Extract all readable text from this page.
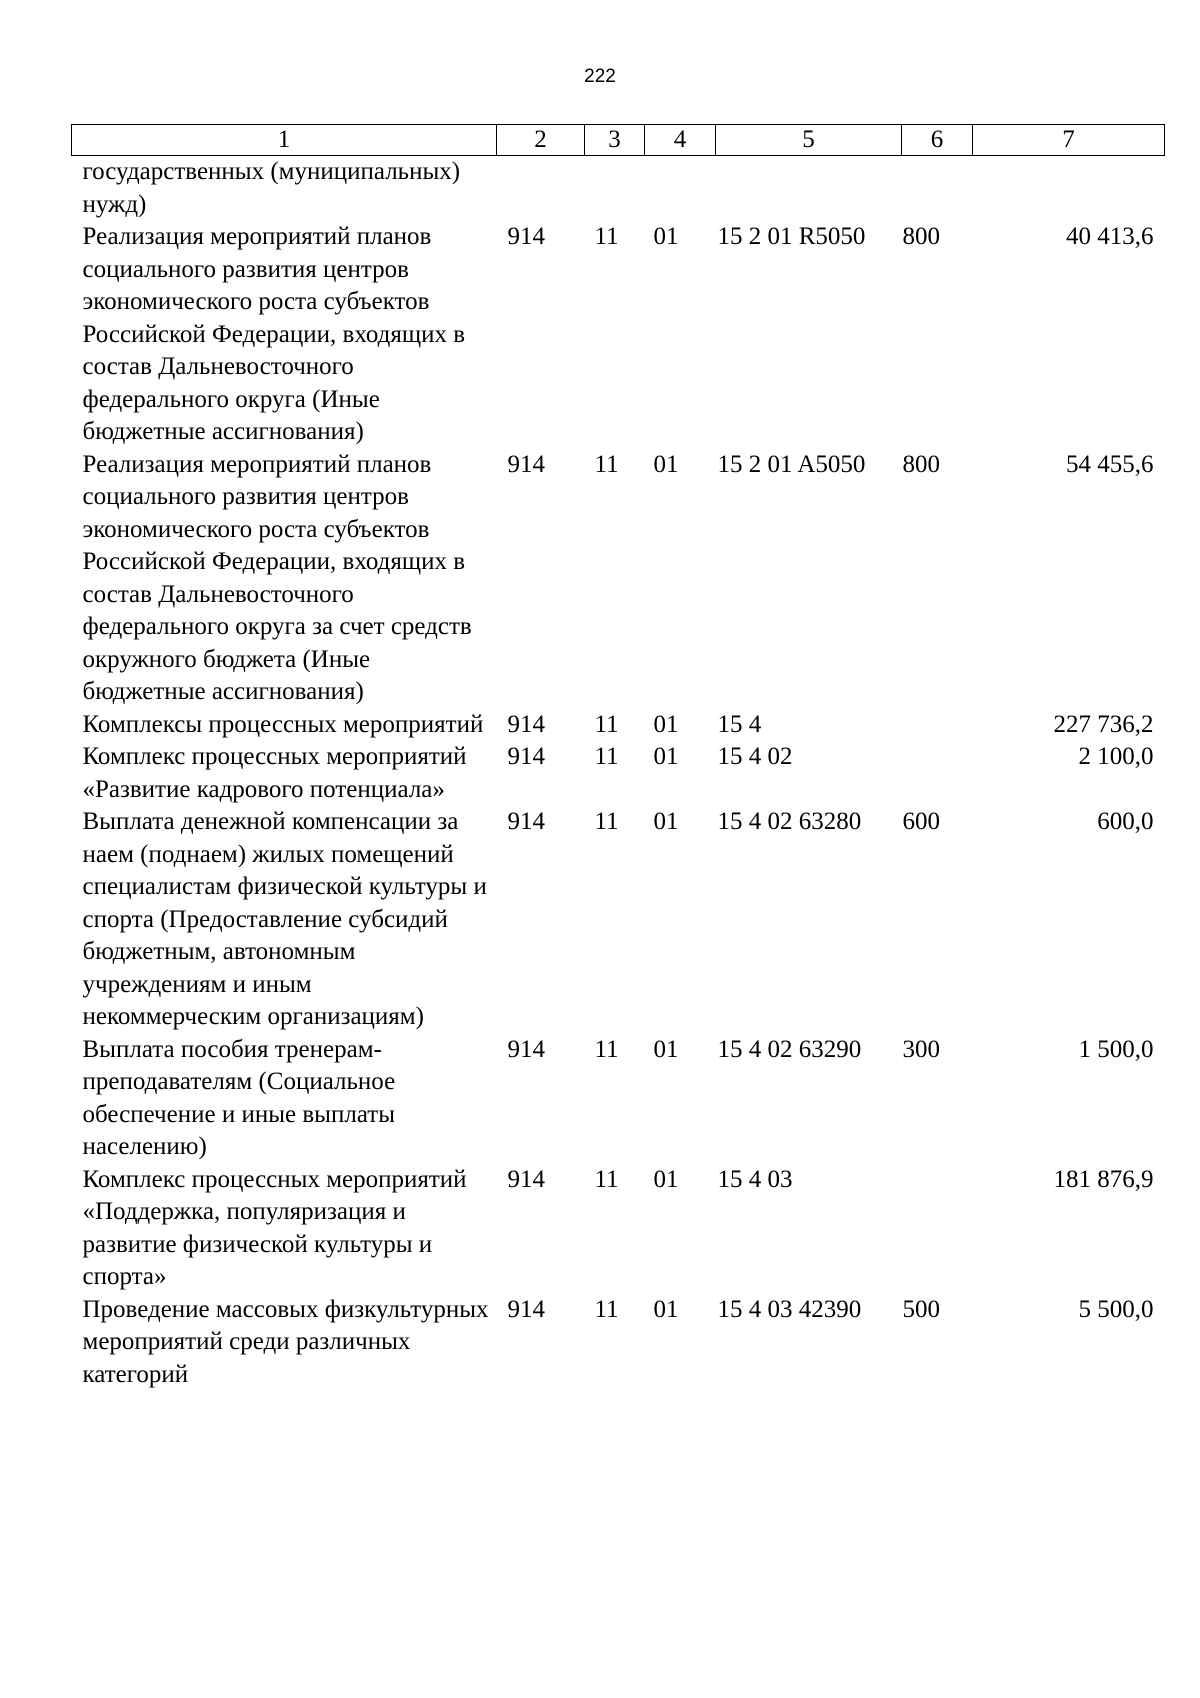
222
1	2	3	4	5	6	7
государственных (муниципальных) нужд)						
Реализация мероприятий планов социального развития центров экономического роста субъектов Российской Федерации, входящих в состав Дальневосточного федерального округа (Иные бюджетные ассигнования)	914	11	01	15 2 01 R5050	800	40 413,6
Реализация мероприятий планов социального развития центров экономического роста субъектов Российской Федерации, входящих в состав Дальневосточного федерального округа за счет средств окружного бюджета (Иные бюджетные ассигнования)	914	11	01	15 2 01 A5050	800	54 455,6
Комплексы процессных мероприятий	914	11	01	15 4		227 736,2
Комплекс процессных мероприятий «Развитие кадрового потенциала»	914	11	01	15 4 02		2 100,0
Выплата денежной компенсации за наем (поднаем) жилых помещений специалистам физической культуры и спорта (Предоставление субсидий бюджетным, автономным учреждениям и иным некоммерческим организациям)	914	11	01	15 4 02 63280	600	600,0
Выплата пособия тренерам-преподавателям (Социальное обеспечение и иные выплаты населению)	914	11	01	15 4 02 63290	300	1 500,0
Комплекс процессных мероприятий «Поддержка, популяризация и развитие физической культуры и спорта»	914	11	01	15 4 03		181 876,9
Проведение массовых физкультурных мероприятий среди различных категорий	914	11	01	15 4 03 42390	500	5 500,0
